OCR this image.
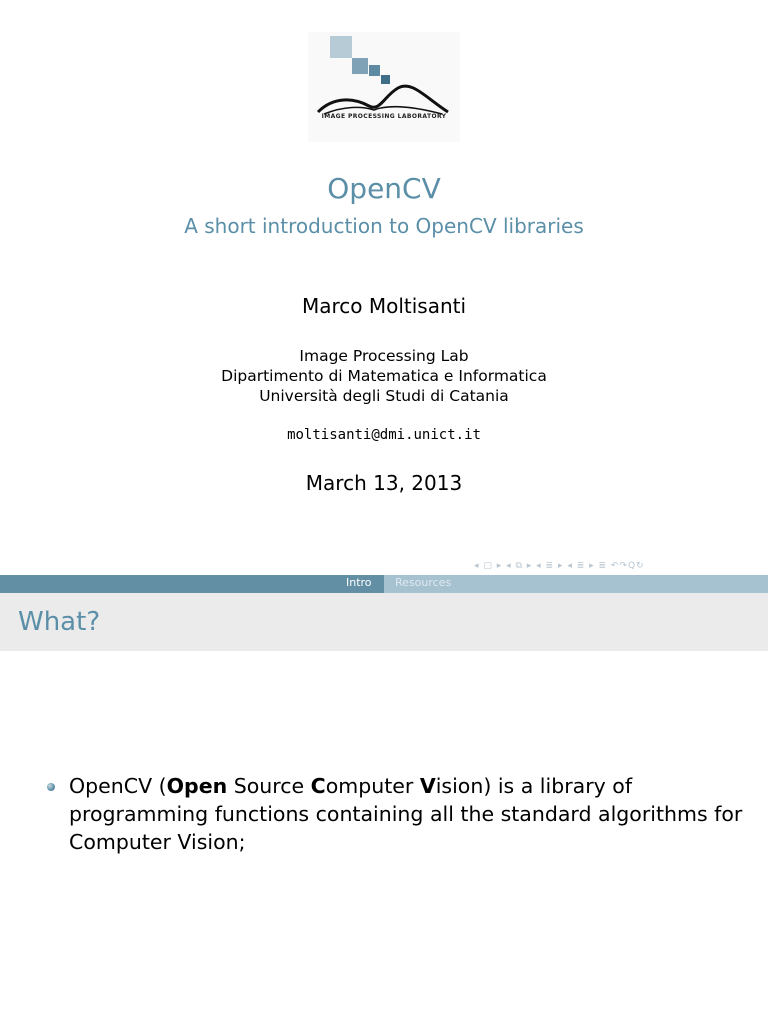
IMAGE PROCESSING LABORATORY
OpenCV
A short introduction to OpenCV libraries
Marco Moltisanti
Image Processing Lab
Dipartimento di Matematica e Informatica
Università degli Studi di Catania
moltisanti@dmi.unict.it
March 13, 2013
◂ ▢ ▸ ◂ ⧉ ▸ ◂ ≣ ▸ ◂ ≣ ▸ ≣ ↶↷Q↻
Intro Resources
What?
OpenCV (Open Source Computer Vision) is a library of programming functions containing all the standard algorithms for Computer Vision;
